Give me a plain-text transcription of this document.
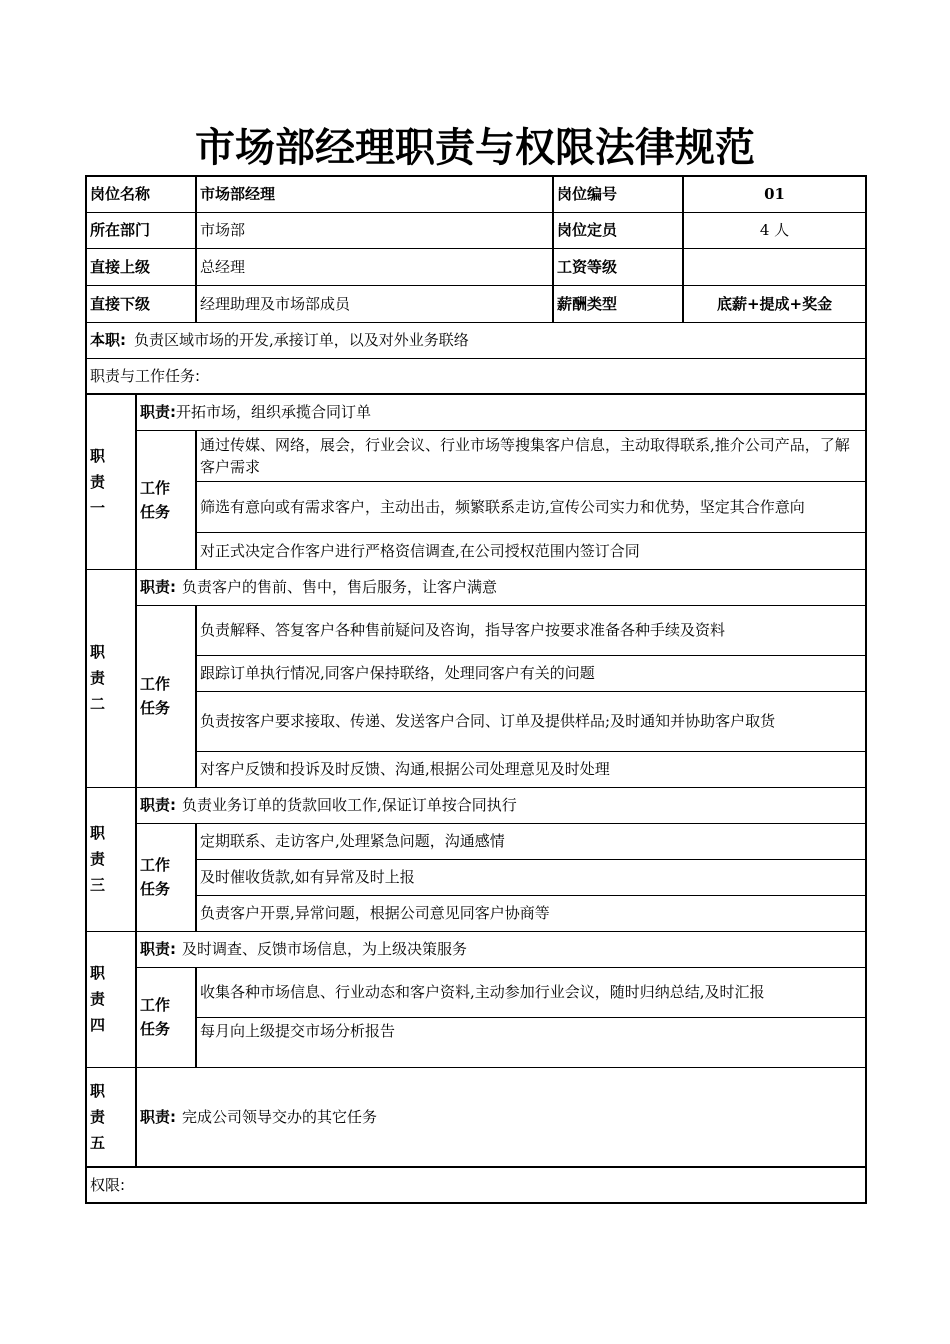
市场部经理职责与权限法律规范
岗位名称		市场部经理	岗位编号	01
所在部门		市场部	岗位定员	4 人
直接上级		总经理	工资等级	
直接下级		经理助理及市场部成员	薪酬类型	底薪+提成+奖金
本职: 负责区域市场的开发,承接订单，以及对外业务联络				
职责与工作任务:				

职责一	职责:开拓市场，组织承揽合同订单			

	工作任务	通过传媒、网络，展会，行业会议、行业市场等搜集客户信息，主动取得联系,推介公司产品，了解客户需求		
		筛选有意向或有需求客户，主动出击，频繁联系走访,宣传公司实力和优势，坚定其合作意向		
		对正式决定合作客户进行严格资信调查,在公司授权范围内签订合同		

职责二	职责: 负责客户的售前、售中，售后服务，让客户满意			

	工作任务	负责解释、答复客户各种售前疑问及咨询，指导客户按要求准备各种手续及资料		
		跟踪订单执行情况,同客户保持联络，处理同客户有关的问题		
		负责按客户要求接取、传递、发送客户合同、订单及提供样品;及时通知并协助客户取货		
		对客户反馈和投诉及时反馈、沟通,根据公司处理意见及时处理		

职责三	职责: 负责业务订单的货款回收工作,保证订单按合同执行			

	工作任务	定期联系、走访客户,处理紧急问题，沟通感情		
		及时催收货款,如有异常及时上报		
		负责客户开票,异常问题，根据公司意见同客户协商等		

职责四	职责: 及时调查、反馈市场信息，为上级决策服务			

	工作任务	收集各种市场信息、行业动态和客户资料,主动参加行业会议，随时归纳总结,及时汇报		
		每月向上级提交市场分析报告		

职责五	职责: 完成公司领导交办的其它任务			
权限:				
